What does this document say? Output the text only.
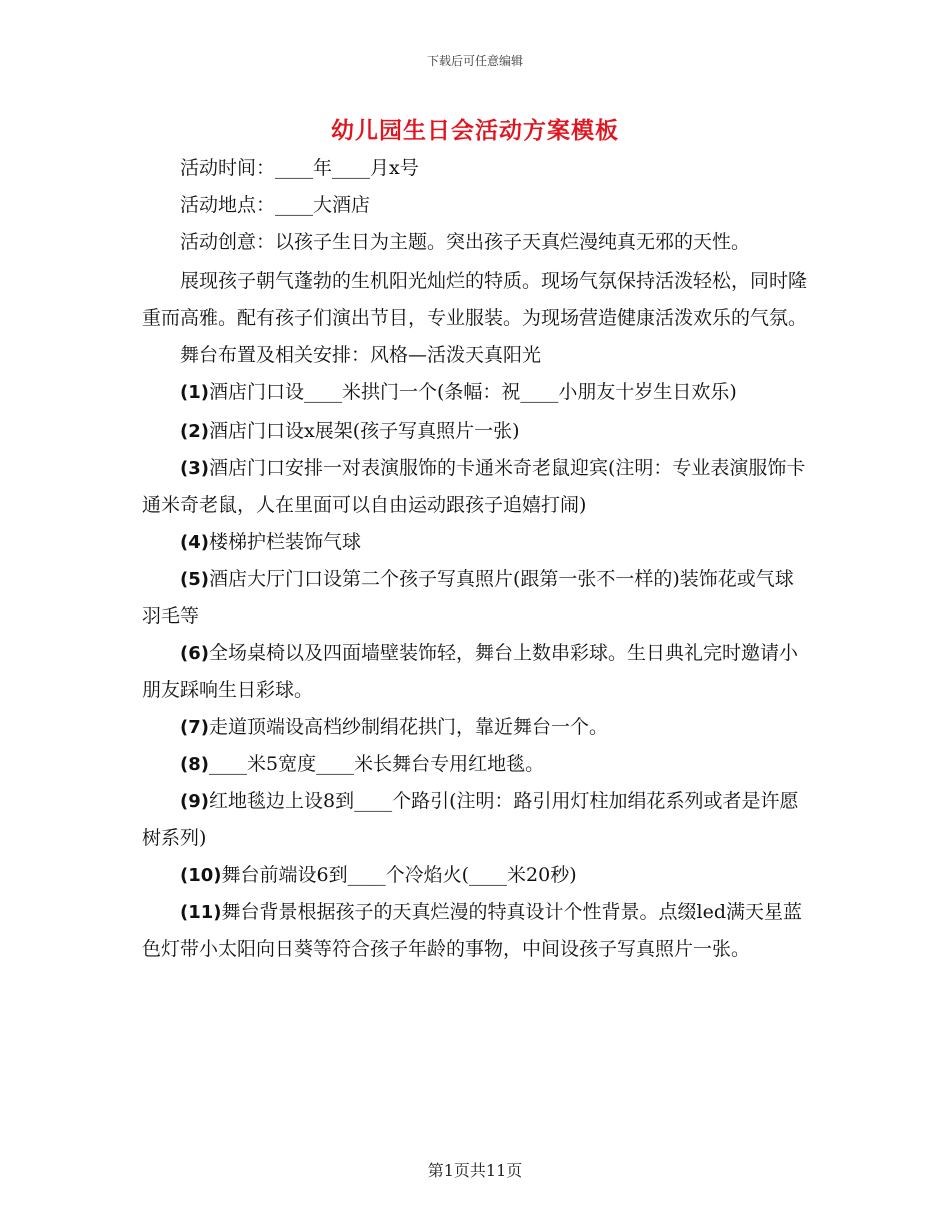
下载后可任意编辑
幼儿园生日会活动方案模板

活动时间：____年____月x号

活动地点：____大酒店

活动创意：以孩子生日为主题。突出孩子天真烂漫纯真无邪的天性。

展现孩子朝气蓬勃的生机阳光灿烂的特质。现场气氛保持活泼轻松，同时隆重而高雅。配有孩子们演出节目，专业服装。为现场营造健康活泼欢乐的气氛。

舞台布置及相关安排：风格—活泼天真阳光

(1)酒店门口设____米拱门一个(条幅：祝____小朋友十岁生日欢乐)

(2)酒店门口设x展架(孩子写真照片一张)

(3)酒店门口安排一对表演服饰的卡通米奇老鼠迎宾(注明：专业表演服饰卡通米奇老鼠，人在里面可以自由运动跟孩子追嬉打闹)

(4)楼梯护栏装饰气球

(5)酒店大厅门口设第二个孩子写真照片(跟第一张不一样的)装饰花或气球羽毛等

(6)全场桌椅以及四面墙壁装饰轻，舞台上数串彩球。生日典礼完时邀请小朋友踩响生日彩球。

(7)走道顶端设高档纱制绢花拱门，靠近舞台一个。

(8)____米5宽度____米长舞台专用红地毯。

(9)红地毯边上设8到____个路引(注明：路引用灯柱加绢花系列或者是许愿树系列)

(10)舞台前端设6到____个冷焰火(____米20秒)

(11)舞台背景根据孩子的天真烂漫的特真设计个性背景。点缀led满天星蓝色灯带小太阳向日葵等符合孩子年龄的事物，中间设孩子写真照片一张。

第1页共11页
